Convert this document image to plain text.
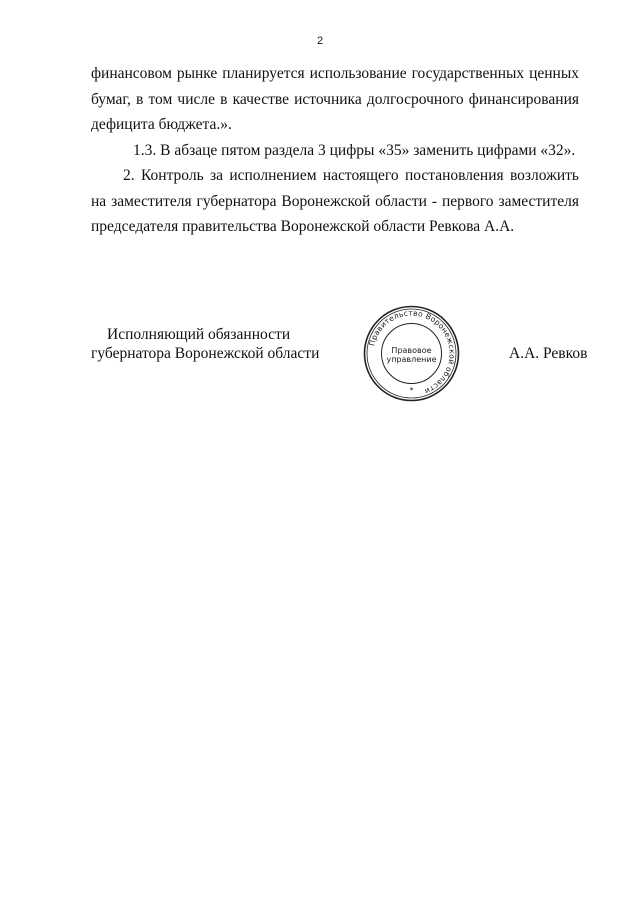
2

финансовом рынке планируется использование государственных ценных бумаг, в том числе в качестве источника долгосрочного финансирования дефицита бюджета.».

1.3. В абзаце пятом раздела 3 цифры «35» заменить цифрами «32».

2. Контроль за исполнением настоящего постановления возложить на заместителя губернатора Воронежской области - первого заместителя председателя правительства Воронежской области Ревкова А.А.

Исполняющий обязанности
губернатора Воронежской области
Правительство Воронежской области
Правовое
управление
*
А.А. Ревков
